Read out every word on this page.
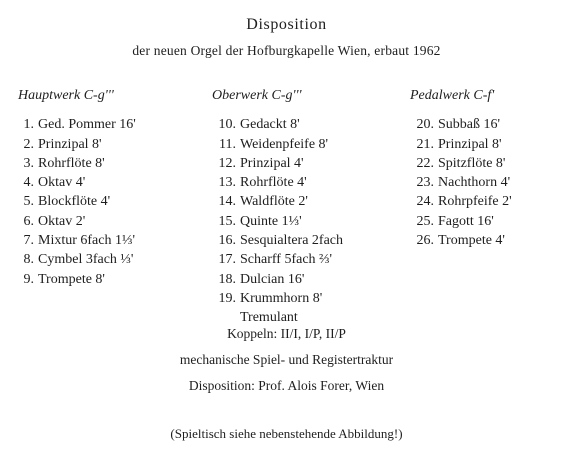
Disposition
der neuen Orgel der Hofburgkapelle Wien, erbaut 1962
Hauptwerk C-g'''
1. Ged. Pommer 16'
2. Prinzipal 8'
3. Rohrflöte 8'
4. Oktav 4'
5. Blockflöte 4'
6. Oktav 2'
7. Mixtur 6fach 1⅓'
8. Cymbel 3fach ⅓'
9. Trompete 8'
Oberwerk C-g'''
10. Gedackt 8'
11. Weidenpfeife 8'
12. Prinzipal 4'
13. Rohrflöte 4'
14. Waldflöte 2'
15. Quinte 1⅓'
16. Sesquialtera 2fach
17. Scharff 5fach ⅔'
18. Dulcian 16'
19. Krummhorn 8'
Tremulant
Pedalwerk C-f'
20. Subbaß 16'
21. Prinzipal 8'
22. Spitzflöte 8'
23. Nachthorn 4'
24. Rohrpfeife 2'
25. Fagott 16'
26. Trompete 4'
Koppeln: II/I, I/P, II/P
mechanische Spiel- und Registertraktur
Disposition: Prof. Alois Forer, Wien
(Spieltisch siehe nebenstehende Abbildung!)
